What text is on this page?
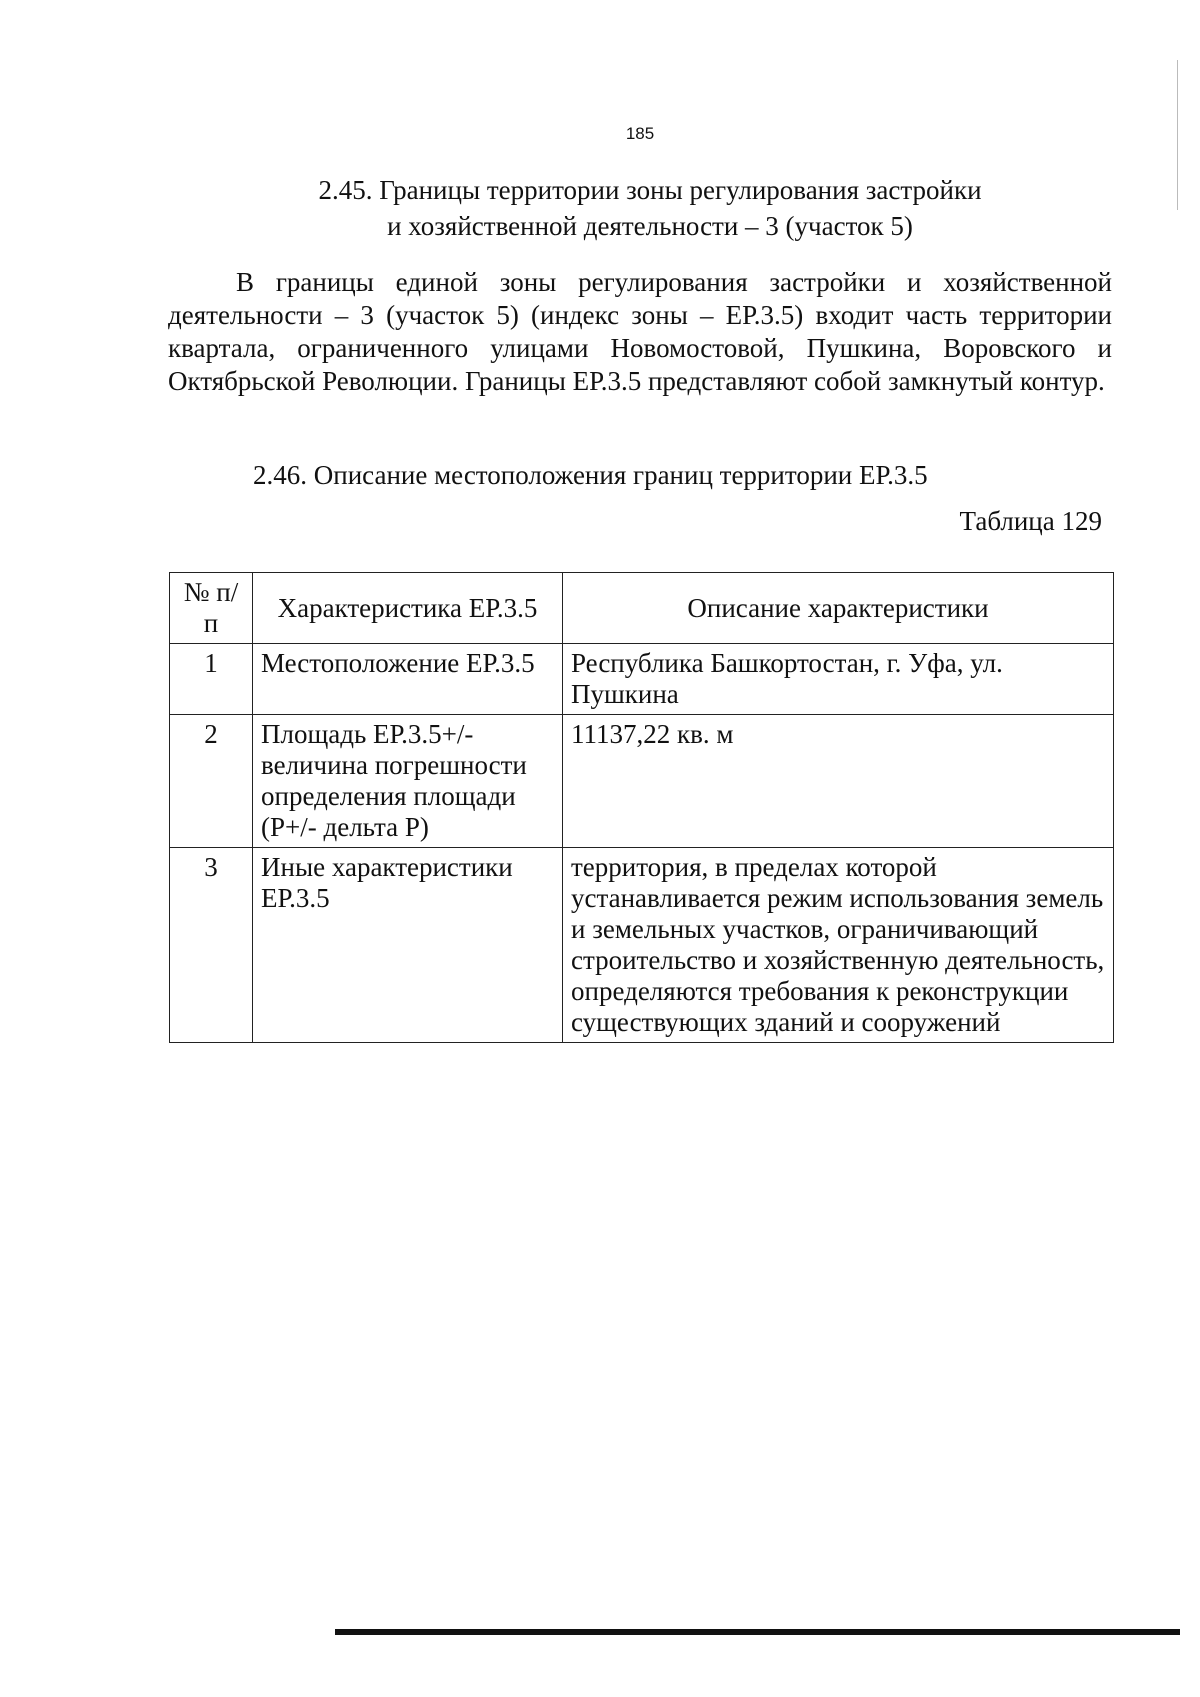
185
2.45. Границы территории зоны регулирования застройки
и хозяйственной деятельности – 3 (участок 5)
В границы единой зоны регулирования застройки и хозяйственной деятельности – 3 (участок 5) (индекс зоны – ЕР.3.5) входит часть территории квартала, ограниченного улицами Новомостовой, Пушкина, Воровского и Октябрьской Революции. Границы ЕР.3.5 представляют собой замкнутый контур.
2.46. Описание местоположения границ территории ЕР.3.5
Таблица 129
№ п/п	Характеристика ЕР.3.5	Описание характеристики
1	Местоположение ЕР.3.5	Республика Башкортостан, г. Уфа, ул. Пушкина
2	Площадь ЕР.3.5+/- величина погрешности определения площади (Р+/- дельта Р)	11137,22 кв. м
3	Иные характеристики ЕР.3.5	территория, в пределах которой устанавливается режим использования земель и земельных участков, ограничивающий строительство и хозяйственную деятельность, определяются требования к реконструкции существующих зданий и сооружений
